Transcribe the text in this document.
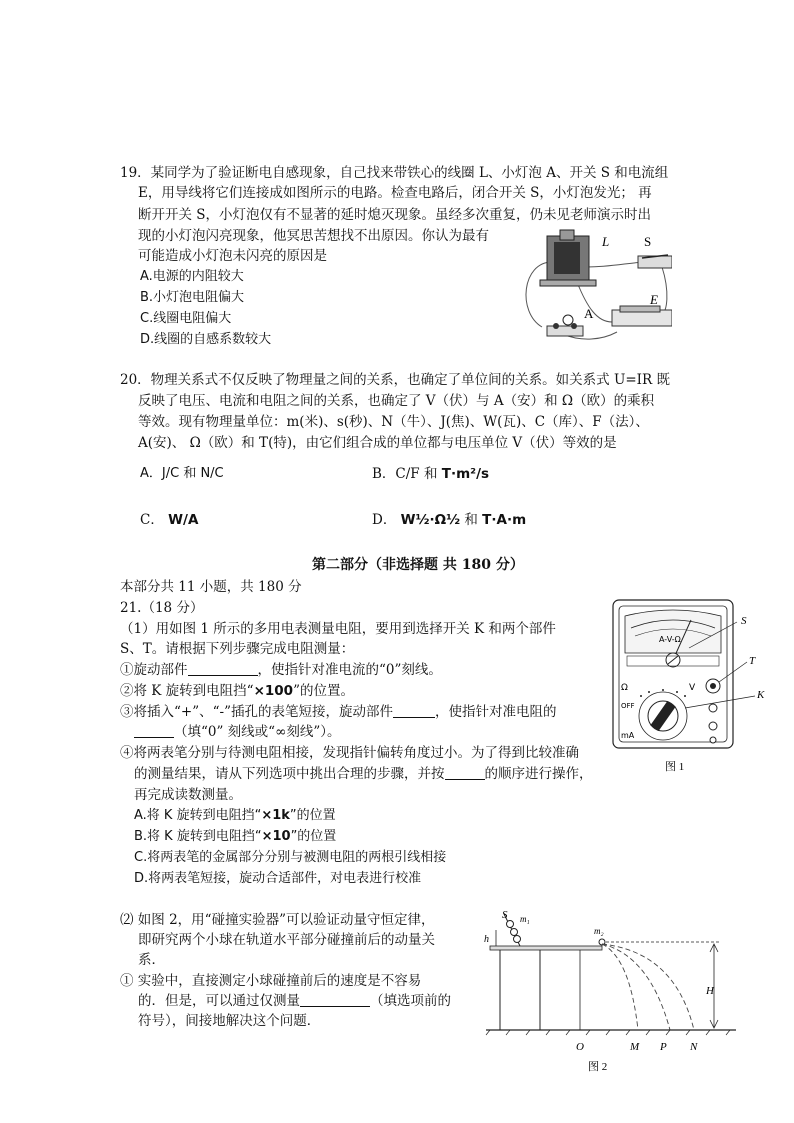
19．某同学为了验证断电自感现象，自己找来带铁心的线圈 L、小灯泡 A、开关 S 和电流组
E，用导线将它们连接成如图所示的电路。检查电路后，闭合开关 S，小灯泡发光； 再
断开开关 S，小灯泡仅有不显著的延时熄灭现象。虽经多次重复，仍未见老师演示时出
现的小灯泡闪亮现象，他冥思苦想找不出原因。你认为最有
可能造成小灯泡未闪亮的原因是
A.电源的内阻较大
B.小灯泡电阻偏大
C.线圈电阻偏大
D.线圈的自感系数较大
L	S
A
E
20．物理关系式不仅反映了物理量之间的关系，也确定了单位间的关系。如关系式 U=IR 既
反映了电压、电流和电阻之间的关系，也确定了 V（伏）与 A（安）和 Ω（欧）的乘积
等效。现有物理量单位：m(米)、s(秒)、N（牛）、J(焦)、W(瓦)、C（库）、F（法）、
A(安)、 Ω（欧）和 T(特)，由它们组合成的单位都与电压单位 V（伏）等效的是
A．J/C 和 N/C	B．C/F 和 T·m²/s
C． W/A	D． W½·Ω½ 和 T·A·m
第二部分（非选择题 共 180 分）
本部分共 11 小题，共 180 分
21.（18 分）
（1）用如图 1 所示的多用电表测量电阻，要用到选择开关 K 和两个部件
S、T。请根据下列步骤完成电阻测量：
①旋动部件	，使指针对准电流的“0”刻线。
②将 K 旋转到电阻挡“×100”的位置。
③将插入“+”、“-”插孔的表笔短接，旋动部件	，使指针对准电阻的
（填“0” 刻线或“∞刻线”）。
④将两表笔分别与待测电阻相接，发现指针偏转角度过小。为了得到比较准确
的测量结果，请从下列选项中挑出合理的步骤，并按	的顺序进行操作，
再完成读数测量。
A.将 K 旋转到电阻挡“×1k”的位置
B.将 K 旋转到电阻挡“×10”的位置
C.将两表笔的金属部分分别与被测电阻的两根引线相接
D.将两表笔短接，旋动合适部件，对电表进行校准
A-V-Ω
Ω	V
OFF
mA
S
T
K
图 1
⑵ 如图 2，用“碰撞实验器”可以验证动量守恒定律，
即研究两个小球在轨道水平部分碰撞前后的动量关
系．
① 实验中，直接测定小球碰撞前后的速度是不容易
的．但是，可以通过仅测量	（填选项前的
符号），间接地解决这个问题．
S m₁
h
m₂
H
O	M P N
图 2
